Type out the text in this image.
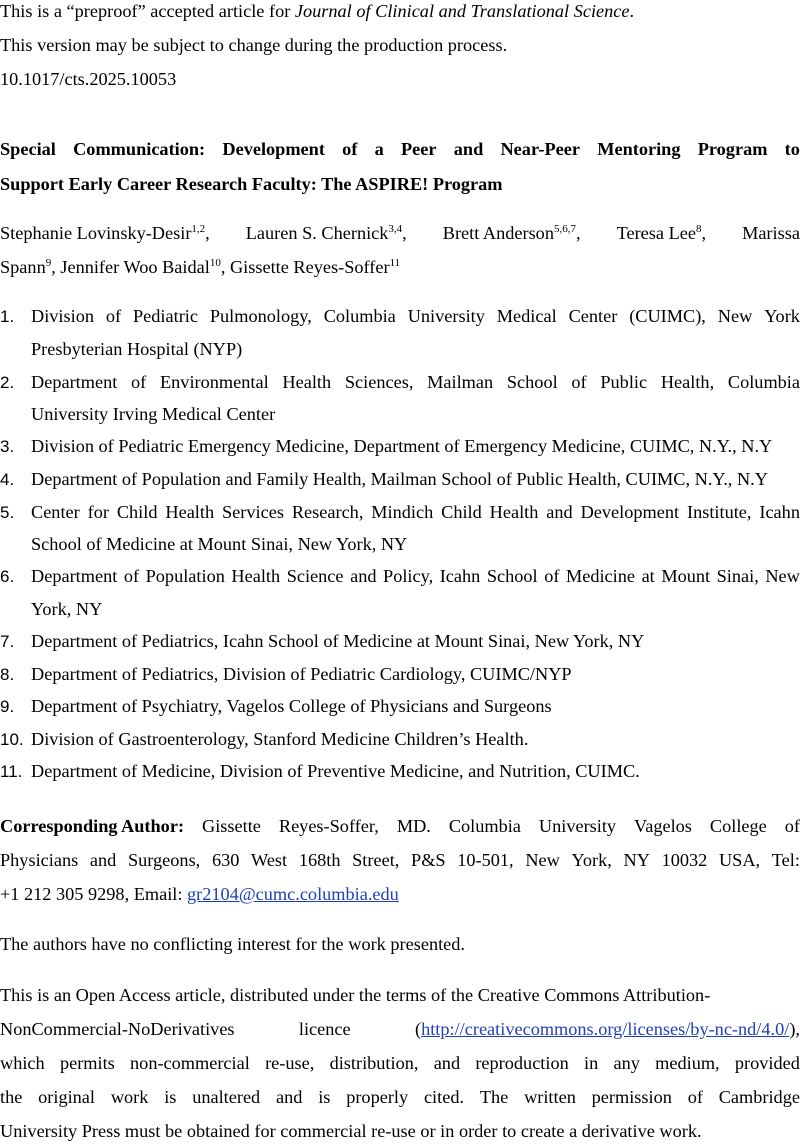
This is a “preproof” accepted article for Journal of Clinical and Translational Science.
This version may be subject to change during the production process.
10.1017/cts.2025.10053
Special Communication: Development of a Peer and Near-Peer Mentoring Program to
Support Early Career Research Faculty: The ASPIRE! Program
Stephanie Lovinsky-Desir$^{1,2}$, Lauren S. Chernick$^{3,4}$, Brett Anderson$^{5,6,7}$, Teresa Lee$^8$, Marissa
Spann$^9$, Jennifer Woo Baidal$^{10}$, Gissette Reyes-Soffer$^{11}$
1. Division of Pediatric Pulmonology, Columbia University Medical Center (CUIMC), New York
Presbyterian Hospital (NYP)
2. Department of Environmental Health Sciences, Mailman School of Public Health, Columbia
University Irving Medical Center
3. Division of Pediatric Emergency Medicine, Department of Emergency Medicine, CUIMC, N.Y., N.Y
4. Department of Population and Family Health, Mailman School of Public Health, CUIMC, N.Y., N.Y
5. Center for Child Health Services Research, Mindich Child Health and Development Institute, Icahn
School of Medicine at Mount Sinai, New York, NY
6. Department of Population Health Science and Policy, Icahn School of Medicine at Mount Sinai, New
York, NY
7. Department of Pediatrics, Icahn School of Medicine at Mount Sinai, New York, NY
8. Department of Pediatrics, Division of Pediatric Cardiology, CUIMC/NYP
9. Department of Psychiatry, Vagelos College of Physicians and Surgeons
10. Division of Gastroenterology, Stanford Medicine Children’s Health.
11. Department of Medicine, Division of Preventive Medicine, and Nutrition, CUIMC.
Corresponding Author: Gissette Reyes-Soffer, MD. Columbia University Vagelos College of
Physicians and Surgeons, 630 West 168th Street, P&S 10-501, New York, NY 10032 USA, Tel:
+1 212 305 9298, Email: gr2104@cumc.columbia.edu
The authors have no conflicting interest for the work presented.
This is an Open Access article, distributed under the terms of the Creative Commons Attribution-
NonCommercial-NoDerivatives	licence	(http://creativecommons.org/licenses/by-nc-nd/4.0/),
which permits non-commercial re-use, distribution, and reproduction in any medium, provided
the original work is unaltered and is properly cited. The written permission of Cambridge
University Press must be obtained for commercial re-use or in order to create a derivative work.
